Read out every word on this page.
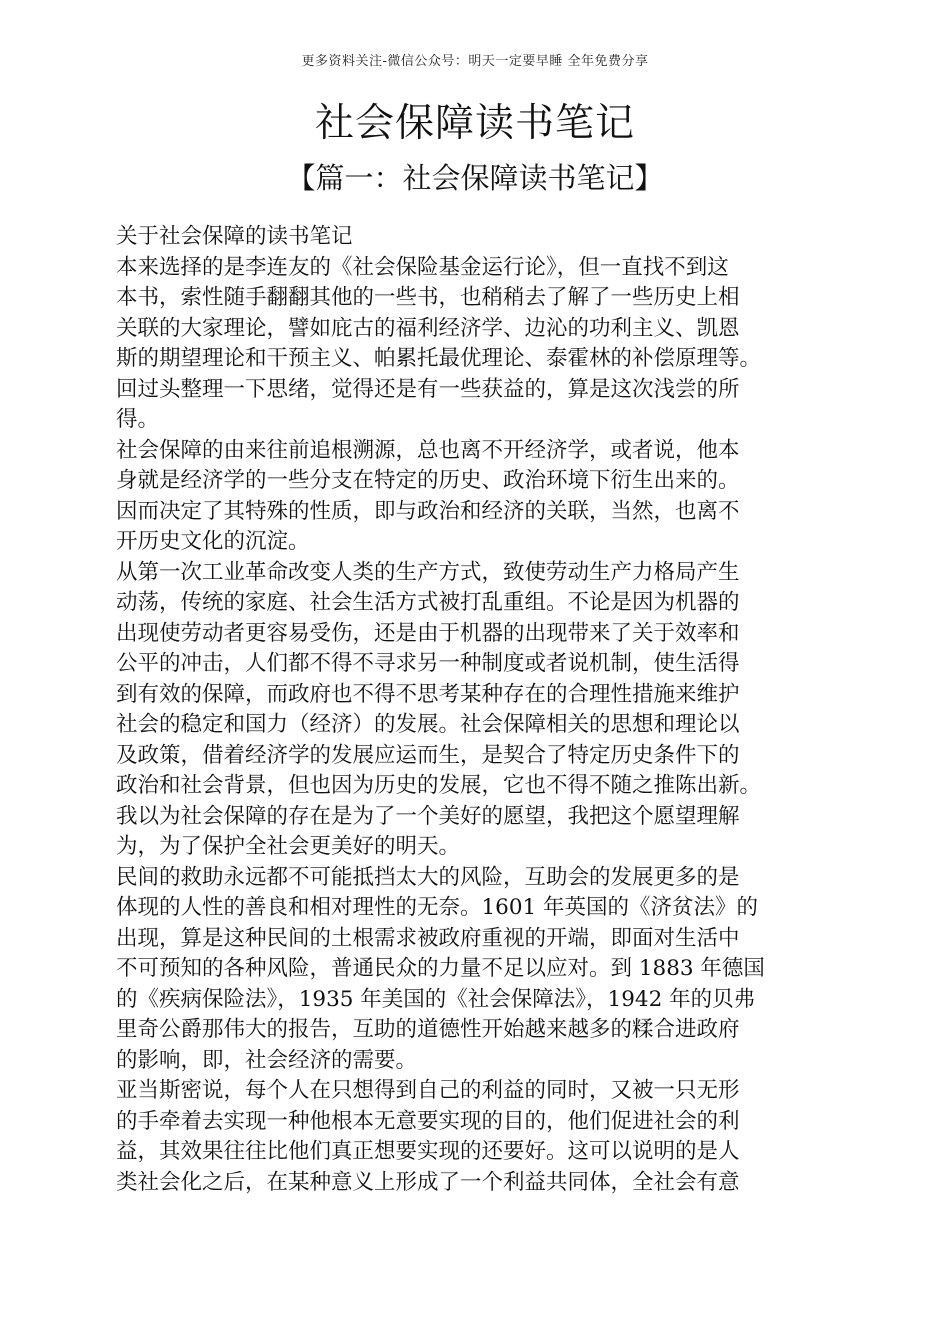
更多资料关注-微信公众号：明天一定要早睡 全年免费分享
社会保障读书笔记
【篇一：社会保障读书笔记】
关于社会保障的读书笔记
本来选择的是李连友的《社会保险基金运行论》，但一直找不到这
本书，索性随手翻翻其他的一些书，也稍稍去了解了一些历史上相
关联的大家理论，譬如庇古的福利经济学、边沁的功利主义、凯恩
斯的期望理论和干预主义、帕累托最优理论、泰霍林的补偿原理等。
回过头整理一下思绪，觉得还是有一些获益的，算是这次浅尝的所
得。
社会保障的由来往前追根溯源，总也离不开经济学，或者说，他本
身就是经济学的一些分支在特定的历史、政治环境下衍生出来的。
因而决定了其特殊的性质，即与政治和经济的关联，当然，也离不
开历史文化的沉淀。
从第一次工业革命改变人类的生产方式，致使劳动生产力格局产生
动荡，传统的家庭、社会生活方式被打乱重组。不论是因为机器的
出现使劳动者更容易受伤，还是由于机器的出现带来了关于效率和
公平的冲击，人们都不得不寻求另一种制度或者说机制，使生活得
到有效的保障，而政府也不得不思考某种存在的合理性措施来维护
社会的稳定和国力（经济）的发展。社会保障相关的思想和理论以
及政策，借着经济学的发展应运而生，是契合了特定历史条件下的
政治和社会背景，但也因为历史的发展，它也不得不随之推陈出新。
我以为社会保障的存在是为了一个美好的愿望，我把这个愿望理解
为，为了保护全社会更美好的明天。
民间的救助永远都不可能抵挡太大的风险，互助会的发展更多的是
体现的人性的善良和相对理性的无奈。1601 年英国的《济贫法》的
出现，算是这种民间的土根需求被政府重视的开端，即面对生活中
不可预知的各种风险，普通民众的力量不足以应对。到 1883 年德国
的《疾病保险法》，1935 年美国的《社会保障法》，1942 年的贝弗
里奇公爵那伟大的报告，互助的道德性开始越来越多的糅合进政府
的影响，即，社会经济的需要。
亚当斯密说，每个人在只想得到自己的利益的同时，又被一只无形
的手牵着去实现一种他根本无意要实现的目的，他们促进社会的利
益，其效果往往比他们真正想要实现的还要好。这可以说明的是人
类社会化之后，在某种意义上形成了一个利益共同体，全社会有意
